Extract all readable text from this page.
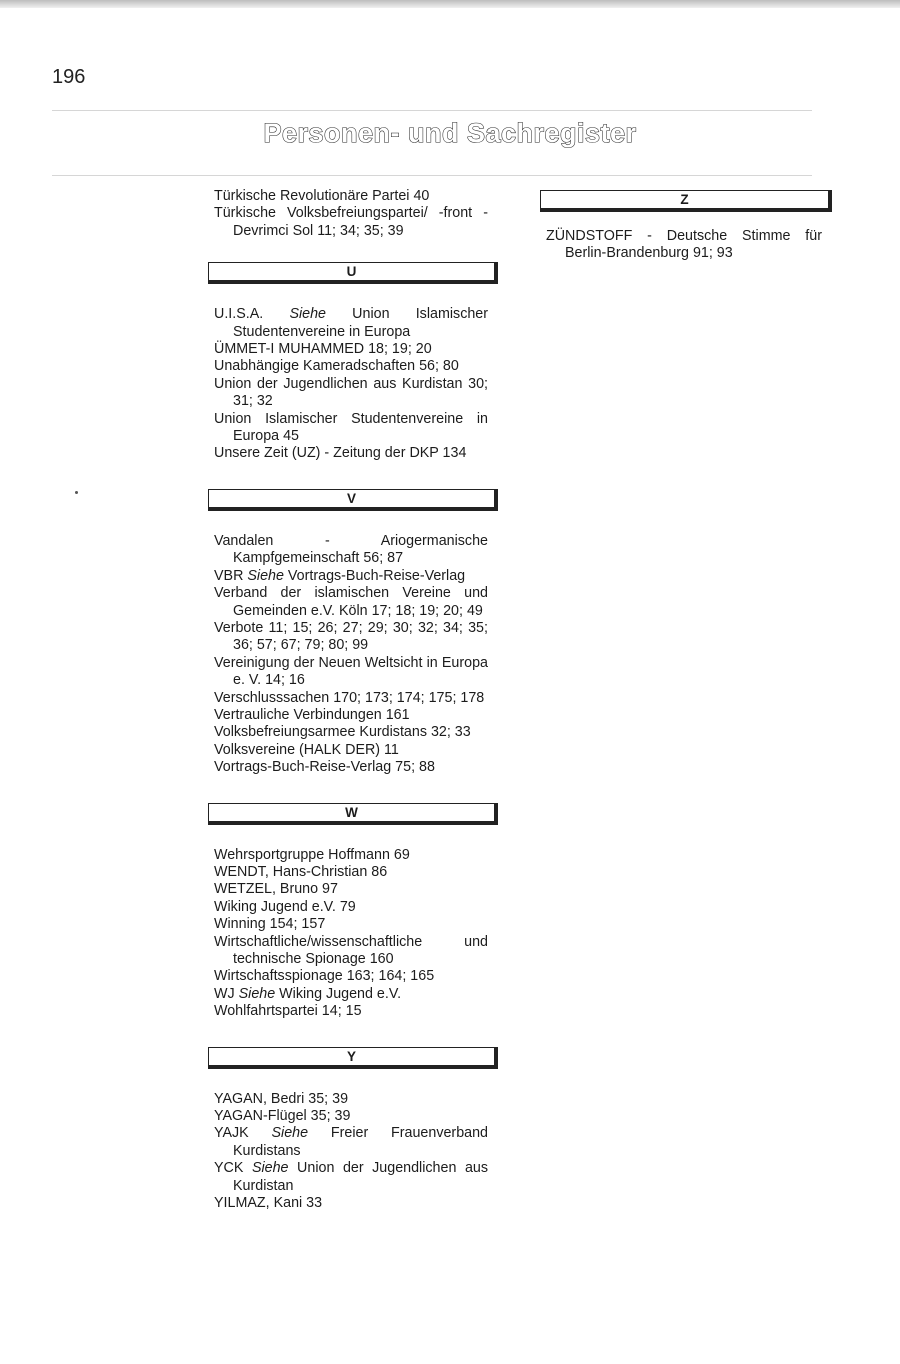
196
Personen- und Sachregister
Türkische Revolutionäre Partei 40
Türkische Volksbefreiungspartei/ -front - Devrimci Sol 11; 34; 35; 39
U
U.I.S.A. Siehe Union Islamischer Studentenvereine in Europa
ÜMMET-I MUHAMMED 18; 19; 20
Unabhängige Kameradschaften 56; 80
Union der Jugendlichen aus Kurdistan 30; 31; 32
Union Islamischer Studentenvereine in Europa 45
Unsere Zeit (UZ) - Zeitung der DKP 134
V
Vandalen - Ariogermanische Kampfgemeinschaft 56; 87
VBR Siehe Vortrags-Buch-Reise-Verlag
Verband der islamischen Vereine und Gemeinden e.V. Köln 17; 18; 19; 20; 49
Verbote 11; 15; 26; 27; 29; 30; 32; 34; 35; 36; 57; 67; 79; 80; 99
Vereinigung der Neuen Weltsicht in Europa e. V. 14; 16
Verschlusssachen 170; 173; 174; 175; 178
Vertrauliche Verbindungen 161
Volksbefreiungsarmee Kurdistans 32; 33
Volksvereine (HALK DER) 11
Vortrags-Buch-Reise-Verlag 75; 88
W
Wehrsportgruppe Hoffmann 69
WENDT, Hans-Christian 86
WETZEL, Bruno 97
Wiking Jugend e.V. 79
Winning 154; 157
Wirtschaftliche/wissenschaftliche und technische Spionage 160
Wirtschaftsspionage 163; 164; 165
WJ Siehe Wiking Jugend e.V.
Wohlfahrtspartei 14; 15
Y
YAGAN, Bedri 35; 39
YAGAN-Flügel 35; 39
YAJK Siehe Freier Frauenverband Kurdistans
YCK Siehe Union der Jugendlichen aus Kurdistan
YILMAZ, Kani 33
Z
ZÜNDSTOFF - Deutsche Stimme für Berlin-Brandenburg 91; 93
